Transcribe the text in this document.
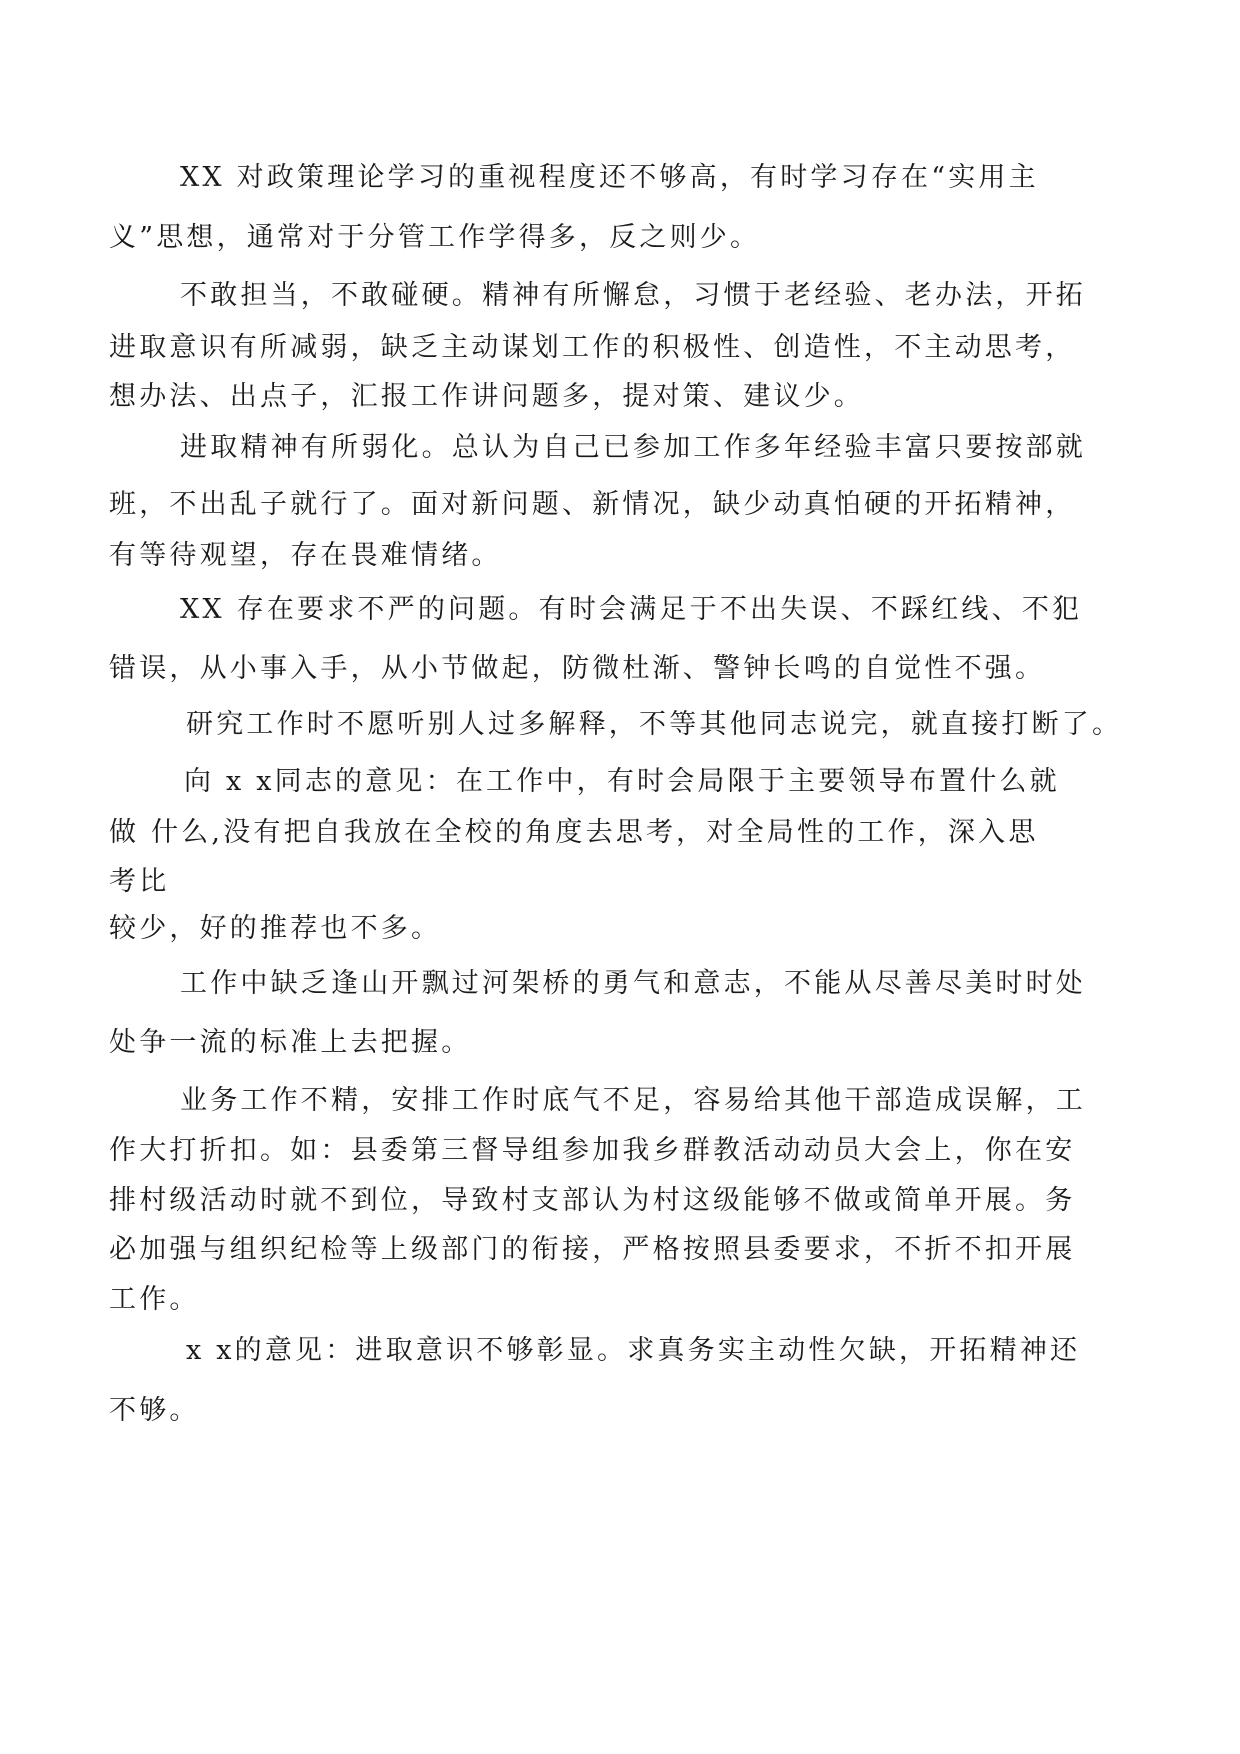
XX 对政策理论学习的重视程度还不够高，有时学习存在“实用主
义”思想，通常对于分管工作学得多，反之则少。
不敢担当，不敢碰硬。精神有所懈怠，习惯于老经验、老办法，开拓
进取意识有所减弱，缺乏主动谋划工作的积极性、创造性，不主动思考，
想办法、出点子，汇报工作讲问题多，提对策、建议少。
进取精神有所弱化。总认为自己已参加工作多年经验丰富只要按部就
班，不出乱子就行了。面对新问题、新情况，缺少动真怕硬的开拓精神，
有等待观望，存在畏难情绪。
XX 存在要求不严的问题。有时会满足于不出失误、不踩红线、不犯
错误，从小事入手，从小节做起，防微杜渐、警钟长鸣的自觉性不强。
研究工作时不愿听别人过多解释，不等其他同志说完，就直接打断了。
向 x x同志的意见：在工作中，有时会局限于主要领导布置什么就
做 什么,没有把自我放在全校的角度去思考，对全局性的工作，深入思
考比
较少，好的推荐也不多。
工作中缺乏逢山开飘过河架桥的勇气和意志，不能从尽善尽美时时处
处争一流的标准上去把握。
业务工作不精，安排工作时底气不足，容易给其他干部造成误解，工
作大打折扣。如：县委第三督导组参加我乡群教活动动员大会上，你在安
排村级活动时就不到位，导致村支部认为村这级能够不做或简单开展。务
必加强与组织纪检等上级部门的衔接，严格按照县委要求，不折不扣开展
工作。
x x的意见：进取意识不够彰显。求真务实主动性欠缺，开拓精神还
不够。
